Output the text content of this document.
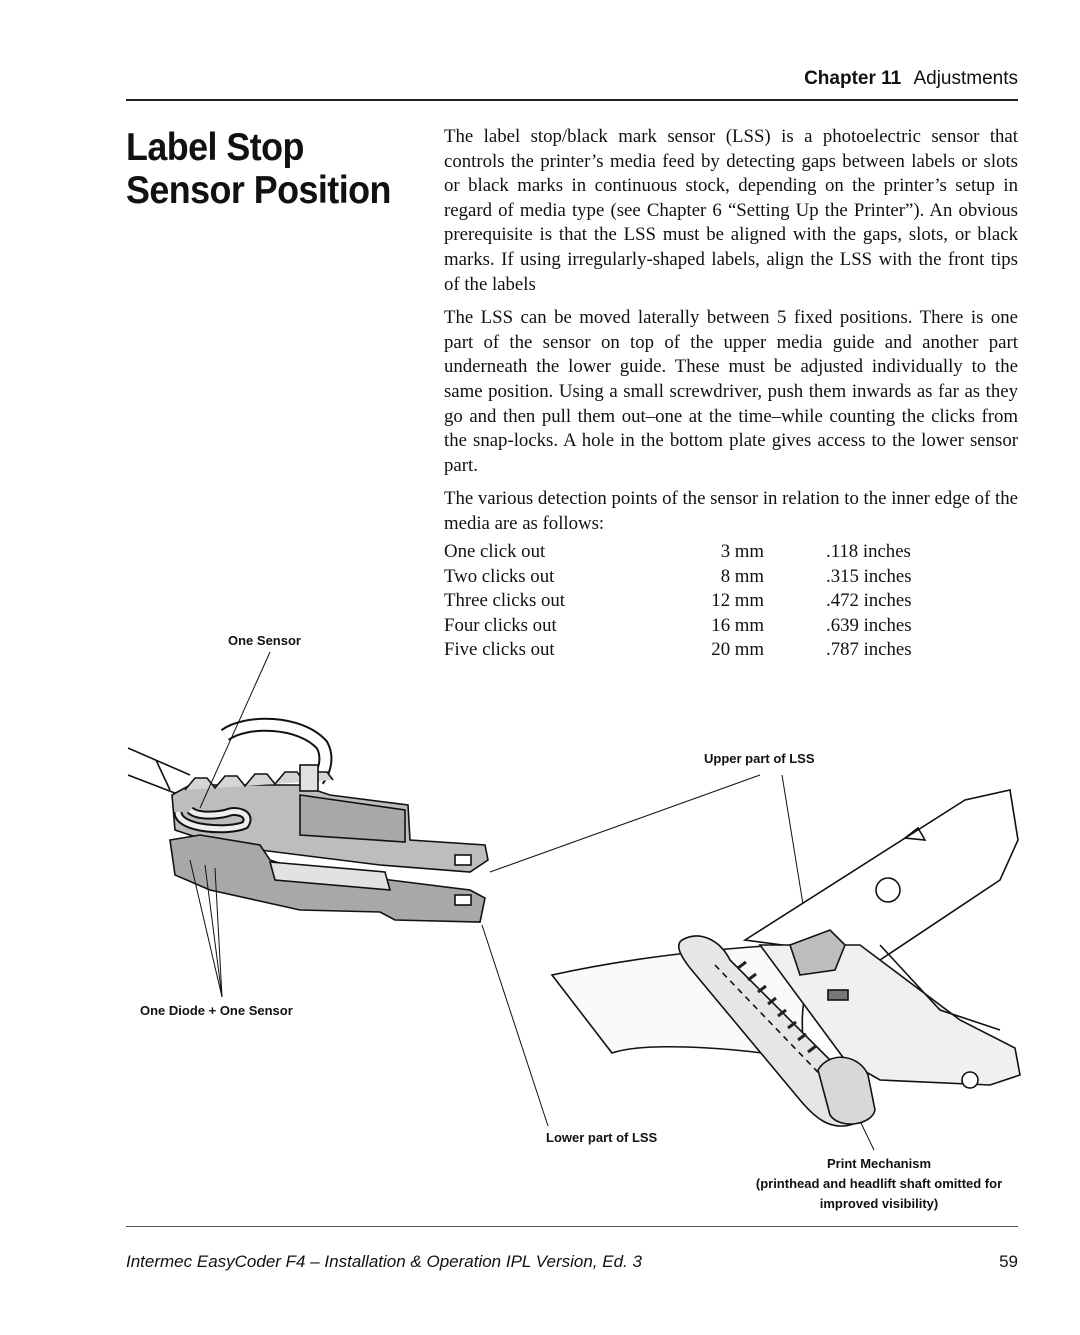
Chapter 11 Adjustments
Label Stop Sensor Position

The label stop/black mark sensor (LSS) is a photoelectric sensor that controls the printer’s media feed by detecting gaps between labels or slots or black marks in continuous stock, depending on the printer’s setup in regard of media type (see Chapter 6 “Setting Up the Printer”). An obvious prerequisite is that the LSS must be aligned with the gaps, slots, or black marks. If using irregularly-shaped labels, align the LSS with the front tips of the labels

The LSS can be moved laterally between 5 fixed positions. There is one part of the sensor on top of the upper media guide and another part underneath the lower guide. These must be adjusted individually to the same position. Using a small screwdriver, push them inwards as far as they go and then pull them out–one at the time–while counting the clicks from the snap-locks. A hole in the bottom plate gives access to the lower sensor part.

The various detection points of the sensor in relation to the inner edge of the media are as follows:

One click out	3 mm	.118 inches
Two clicks out	8 mm	.315 inches
Three clicks out	12 mm	.472 inches
Four clicks out	16 mm	.639 inches
Five clicks out	20 mm	.787 inches
One Sensor
One Diode + One Sensor
Upper part of LSS
Lower part of LSS
Print Mechanism
(printhead and headlift shaft omitted for
improved visibility)
Intermec EasyCoder F4 – Installation & Operation IPL Version, Ed. 3	59
